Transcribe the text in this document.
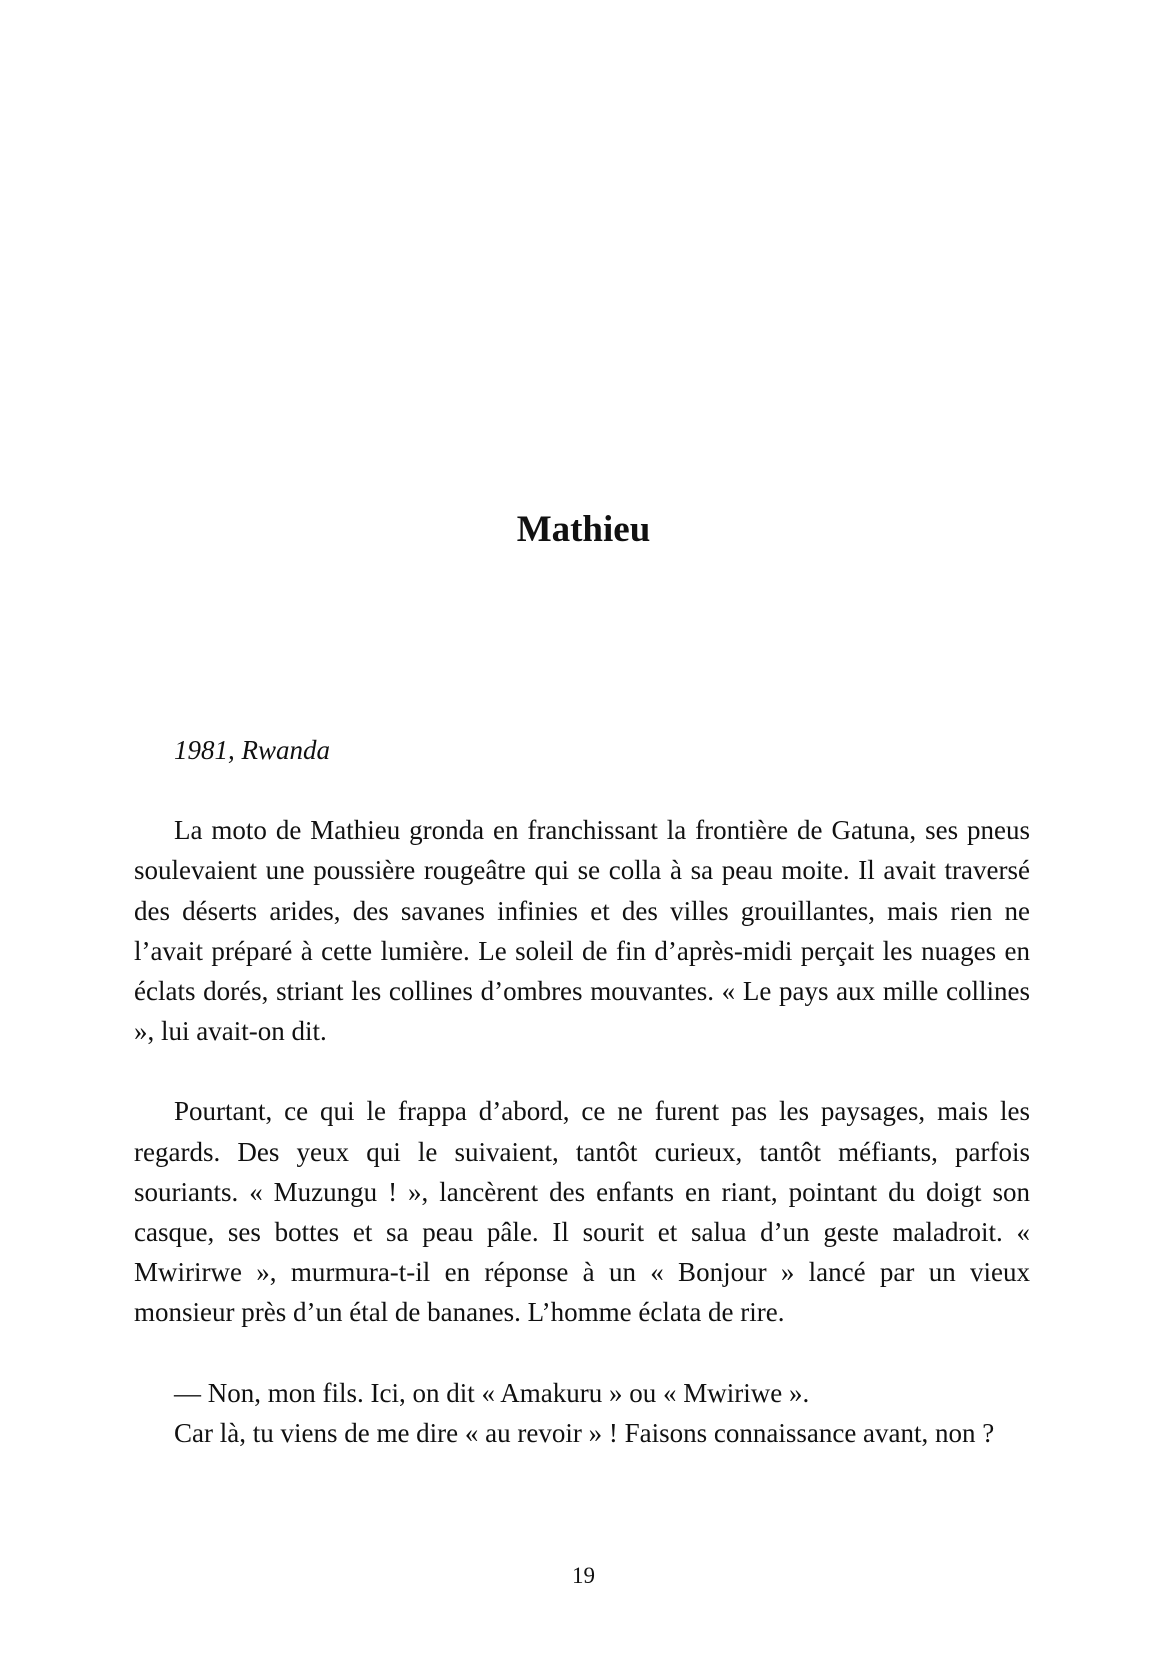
Mathieu

1981, Rwanda

La moto de Mathieu gronda en franchissant la frontière de Gatuna, ses pneus soulevaient une poussière rougeâtre qui se colla à sa peau moite. Il avait traversé des déserts arides, des savanes infinies et des villes grouillantes, mais rien ne l’avait préparé à cette lumière. Le soleil de fin d’après-midi perçait les nuages en éclats dorés, striant les collines d’ombres mouvantes. « Le pays aux mille collines », lui avait-on dit.

Pourtant, ce qui le frappa d’abord, ce ne furent pas les paysages, mais les regards. Des yeux qui le suivaient, tantôt curieux, tantôt méfiants, parfois souriants. « Muzungu ! », lancèrent des enfants en riant, pointant du doigt son casque, ses bottes et sa peau pâle. Il sourit et salua d’un geste maladroit. « Mwirirwe », murmura-t-il en réponse à un « Bonjour » lancé par un vieux monsieur près d’un étal de bananes. L’homme éclata de rire.

— Non, mon fils. Ici, on dit « Amakuru » ou « Mwiriwe ».

Car là, tu viens de me dire « au revoir » ! Faisons connaissance avant, non ?

19
